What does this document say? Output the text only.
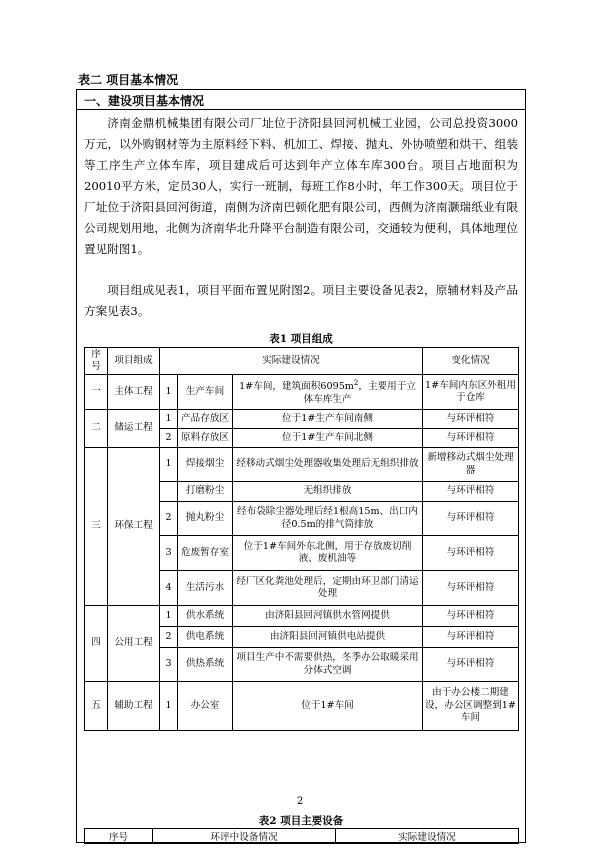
表二 项目基本情况
一、建设项目基本情况

济南金鼎机械集团有限公司厂址位于济阳县回河机械工业园，公司总投资3000万元，以外购钢材等为主原料经下料、机加工、焊接、抛丸、外协喷塑和烘干、组装等工序生产立体车库，项目建成后可达到年产立体车库300台。项目占地面积为20010平方米，定员30人，实行一班制，每班工作8小时，年工作300天。项目位于厂址位于济阳县回河街道，南侧为济南巴顿化肥有限公司，西侧为济南灏瑞纸业有限公司规划用地，北侧为济南华北升降平台制造有限公司，交通较为便利，具体地理位置见附图1。

项目组成见表1，项目平面布置见附图2。项目主要设备见表2，原辅材料及产品方案见表3。

表1 项目组成
序号	项目组成	实际建设情况			变化情况
一	主体工程	1	生产车间	1#车间，建筑面积$6095m^2$，主要用于立体车库生产	1#车间内东区外租用于仓库
二	储运工程	1	产品存放区	位于1#生产车间南侧	与环评相符
		2	原料存放区	位于1#生产车间北侧	与环评相符
三	环保工程	1	焊接烟尘	经移动式烟尘处理器收集处理后无组织排放	新增移动式烟尘处理器
			打磨粉尘	无组织排放	与环评相符
		2	抛丸粉尘	经布袋除尘器处理后经1根高15m、出口内径0.5m的排气筒排放	与环评相符
		3	危废暂存室	位于1#车间外东北侧，用于存放废切削液、废机油等	与环评相符
		4	生活污水	经厂区化粪池处理后，定期由环卫部门清运处理	与环评相符
四	公用工程	1	供水系统	由济阳县回河镇供水管网提供	与环评相符
		2	供电系统	由济阳县回河镇供电站提供	与环评相符
		3	供热系统	项目生产中不需要供热，冬季办公取暖采用分体式空调	与环评相符
五	辅助工程	1	办公室	位于1#车间	由于办公楼二期建设，办公区调整到1#车间
2
表2 项目主要设备
序号	环评中设备情况	实际建设情况
